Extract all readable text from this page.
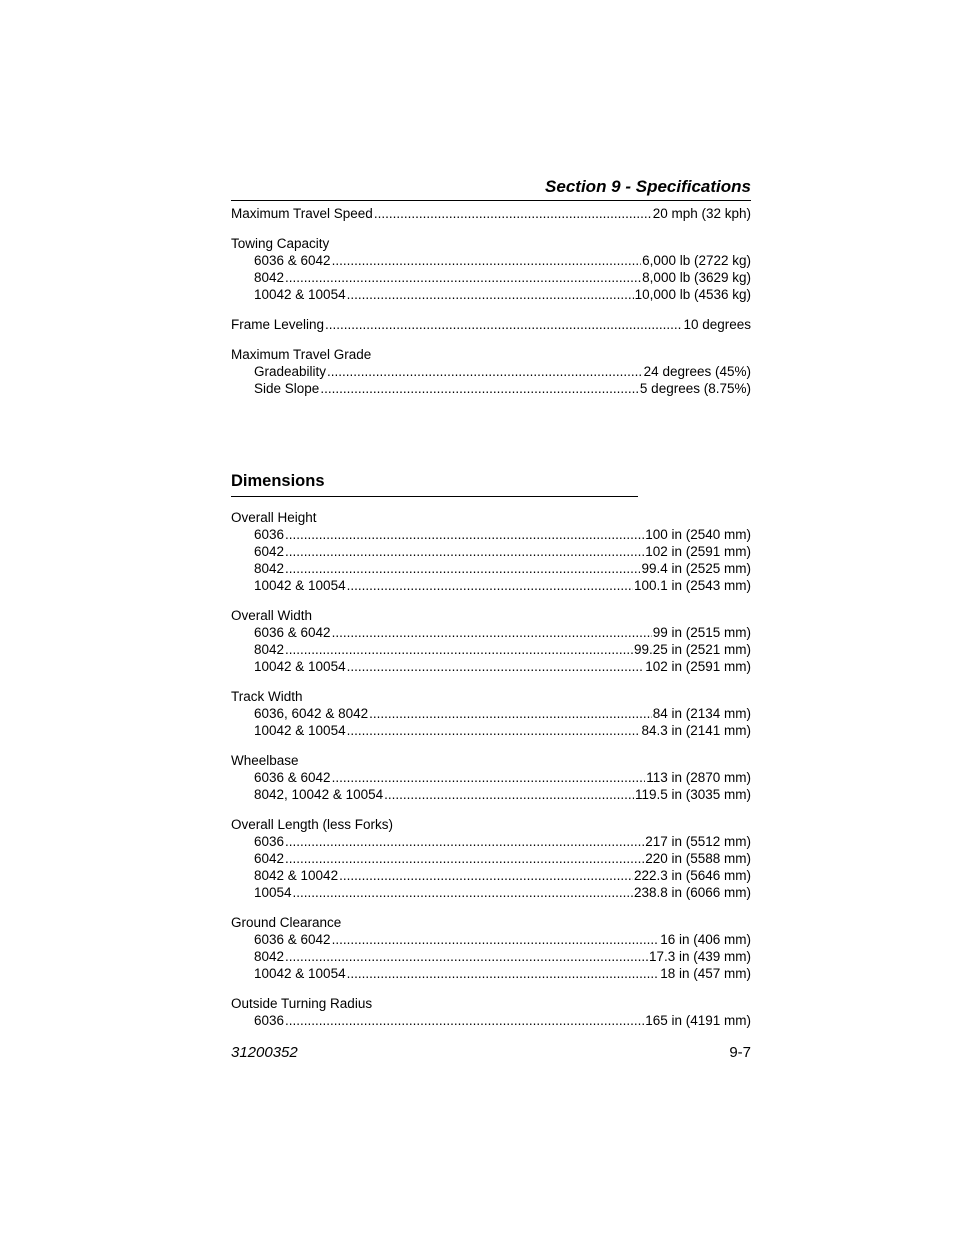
Section 9 - Specifications
Maximum Travel Speed .....	20 mph (32 kph)
Towing Capacity
6036 & 6042 .....	6,000 lb (2722 kg)
8042 .....	8,000 lb (3629 kg)
10042 & 10054 .....	10,000 lb (4536 kg)
Frame Leveling .....	10 degrees
Maximum Travel Grade
Gradeability .....	24 degrees (45%)
Side Slope .....	5 degrees (8.75%)
Dimensions
Overall Height
6036 .....	100 in (2540 mm)
6042 .....	102 in (2591 mm)
8042 .....	99.4 in (2525 mm)
10042 & 10054 .....	100.1 in (2543 mm)
Overall Width
6036 & 6042 .....	99 in (2515 mm)
8042 .....	99.25 in (2521 mm)
10042 & 10054 .....	102 in (2591 mm)
Track Width
6036, 6042 & 8042 .....	84 in (2134 mm)
10042 & 10054 .....	84.3 in (2141 mm)
Wheelbase
6036 & 6042 .....	113 in (2870 mm)
8042, 10042 & 10054 .....	119.5 in (3035 mm)
Overall Length (less Forks)
6036 .....	217 in (5512 mm)
6042 .....	220 in (5588 mm)
8042 & 10042 .....	222.3 in (5646 mm)
10054 .....	238.8 in (6066 mm)
Ground Clearance
6036 & 6042 .....	16 in (406 mm)
8042 .....	17.3 in (439 mm)
10042 & 10054 .....	18 in (457 mm)
Outside Turning Radius
6036 .....	165 in (4191 mm)
31200352	9-7
